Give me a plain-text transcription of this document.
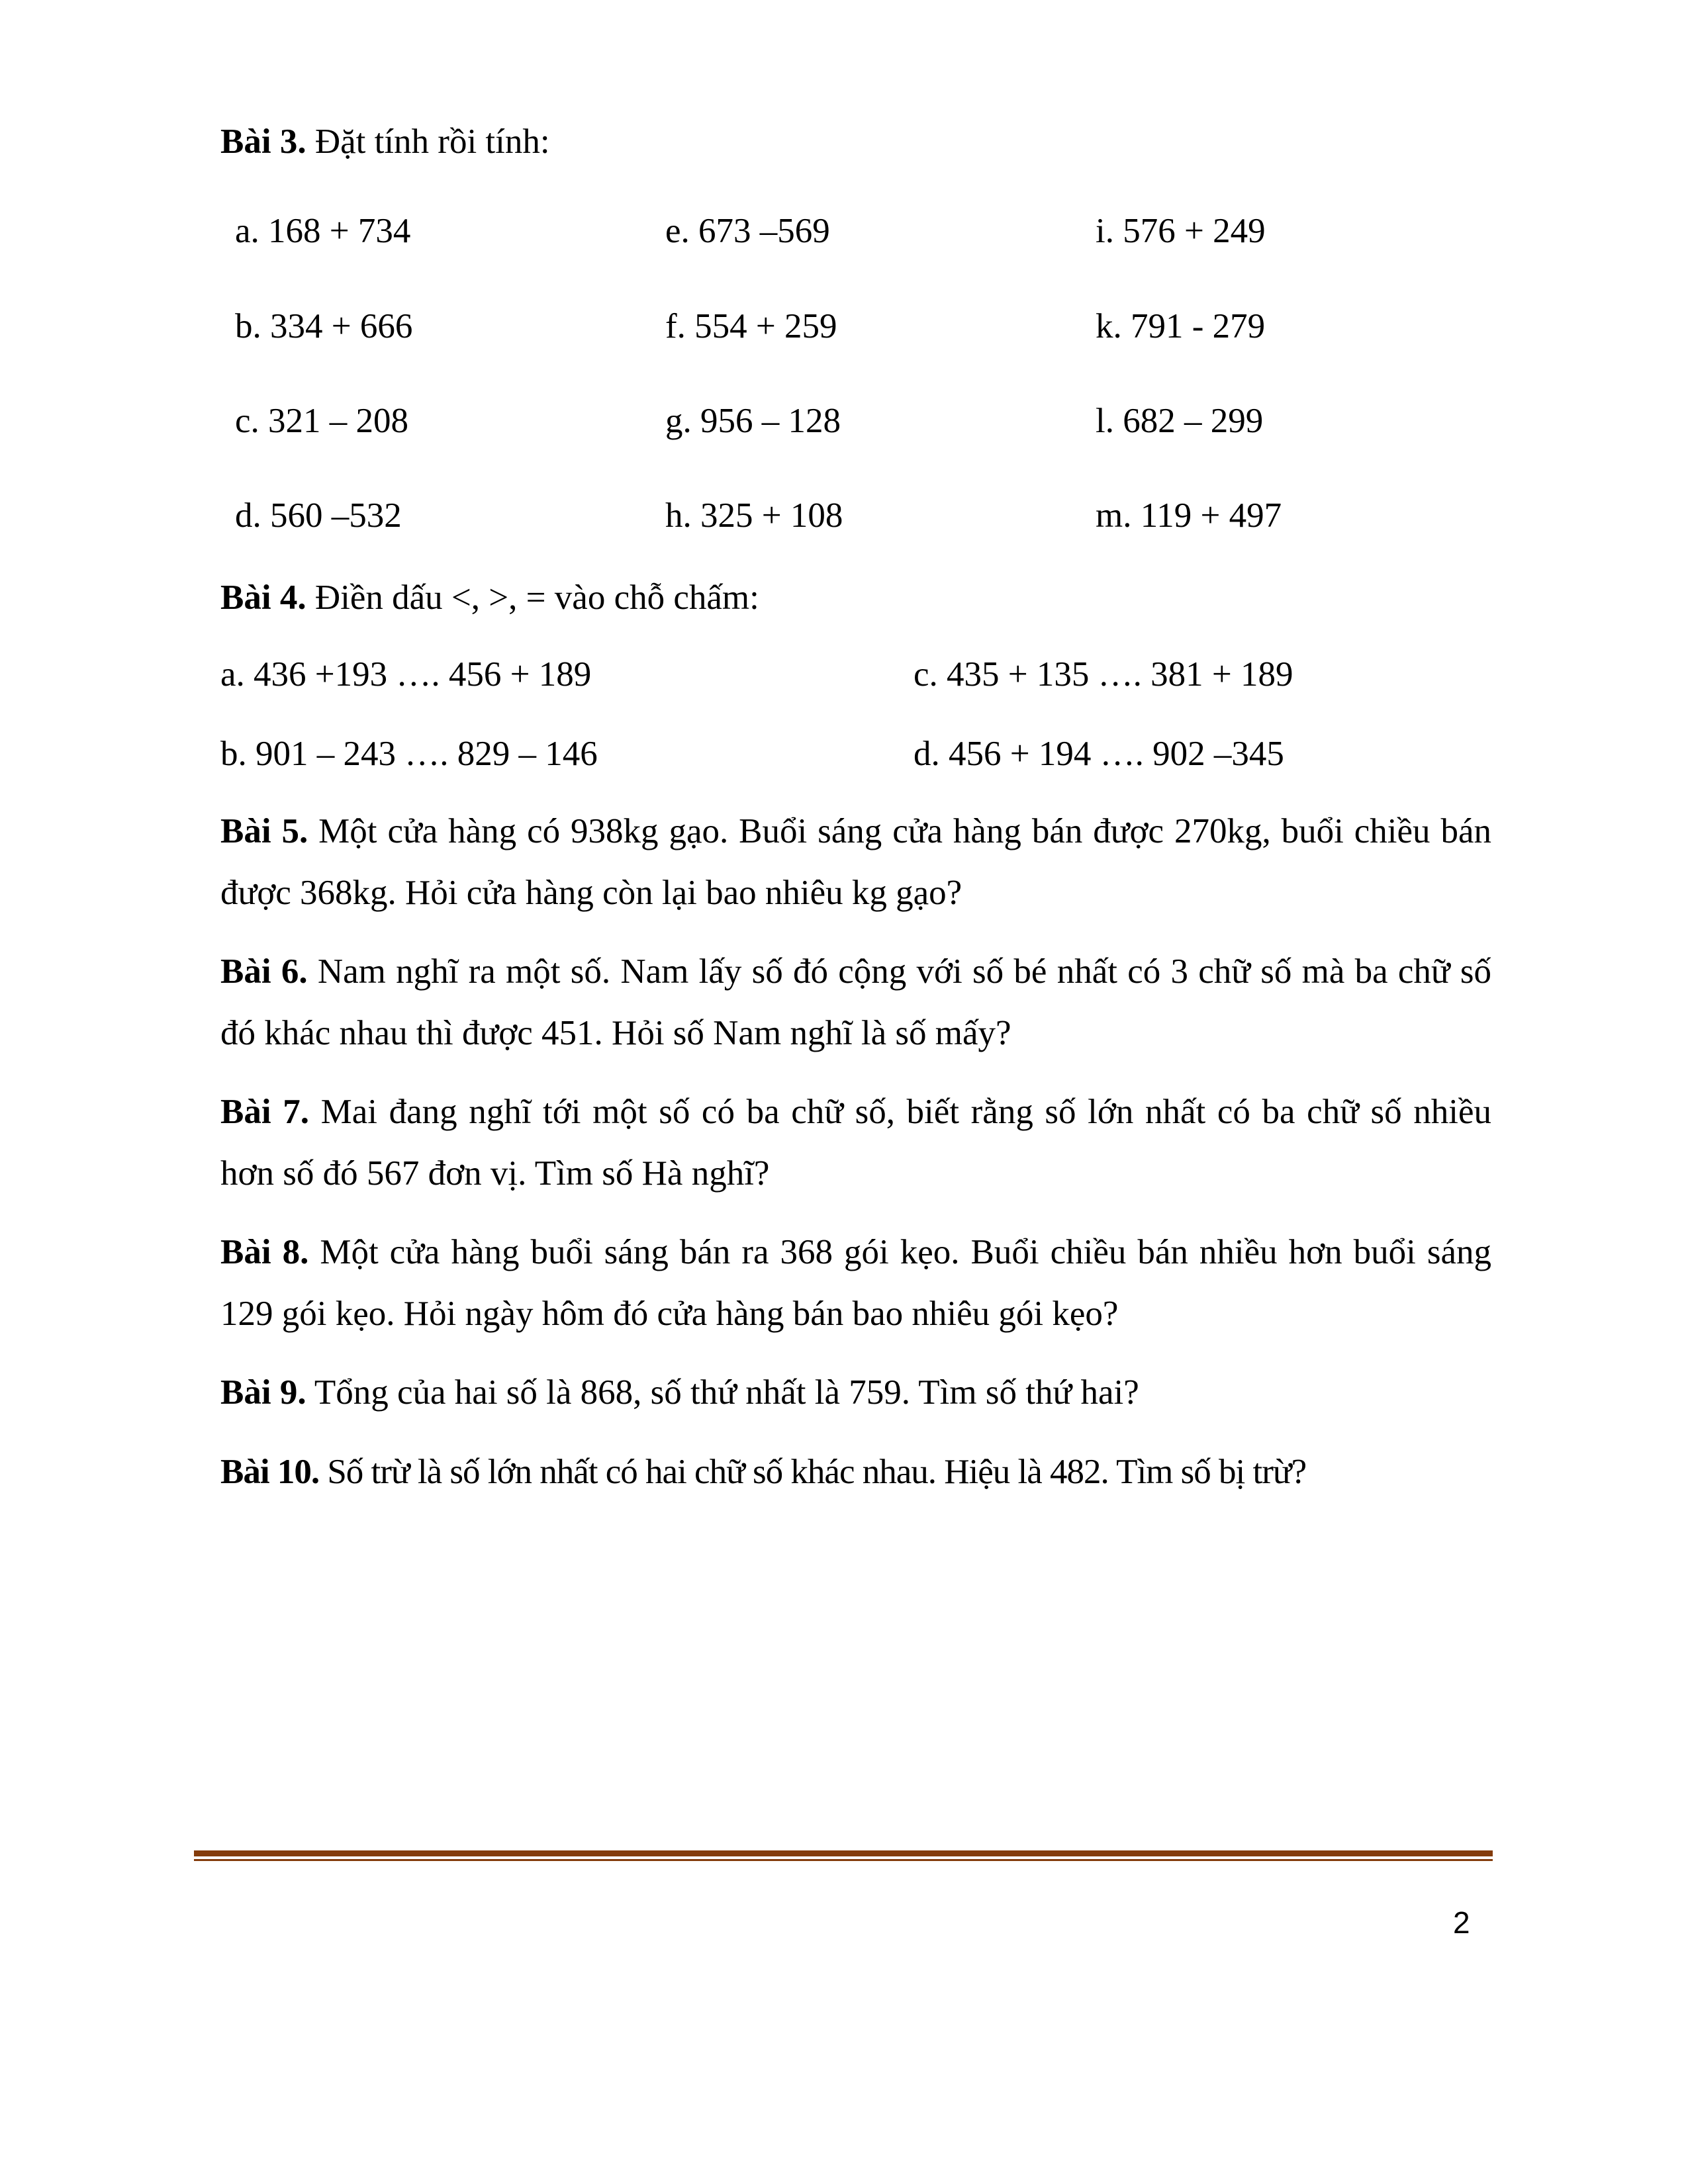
Bài 3. Đặt tính rồi tính:
a. 168 + 734	e. 673 –569	i. 576 + 249
b. 334 + 666	f. 554 + 259	k. 791 - 279
c. 321 – 208	g. 956 – 128	l. 682 – 299
d. 560 –532	h. 325 + 108	m. 119 + 497
Bài 4. Điền dấu <, >, = vào chỗ chấm:
a. 436 +193 …. 456 + 189	c. 435 + 135 …. 381 + 189
b. 901 – 243 …. 829 – 146	d. 456 + 194 …. 902 –345
Bài 5. Một cửa hàng có 938kg gạo. Buổi sáng cửa hàng bán được 270kg, buổi chiều bán được 368kg. Hỏi cửa hàng còn lại bao nhiêu kg gạo?
Bài 6. Nam nghĩ ra một số. Nam lấy số đó cộng với số bé nhất có 3 chữ số mà ba chữ số đó khác nhau thì được 451. Hỏi số Nam nghĩ là số mấy?
Bài 7. Mai đang nghĩ tới một số có ba chữ số, biết rằng số lớn nhất có ba chữ số nhiều hơn số đó 567 đơn vị. Tìm số Hà nghĩ?
Bài 8. Một cửa hàng buổi sáng bán ra 368 gói kẹo. Buổi chiều bán nhiều hơn buổi sáng 129 gói kẹo. Hỏi ngày hôm đó cửa hàng bán bao nhiêu gói kẹo?
Bài 9. Tổng của hai số là 868, số thứ nhất là 759. Tìm số thứ hai?
Bài 10. Số trừ là số lớn nhất có hai chữ số khác nhau. Hiệu là 482. Tìm số bị trừ?
2
